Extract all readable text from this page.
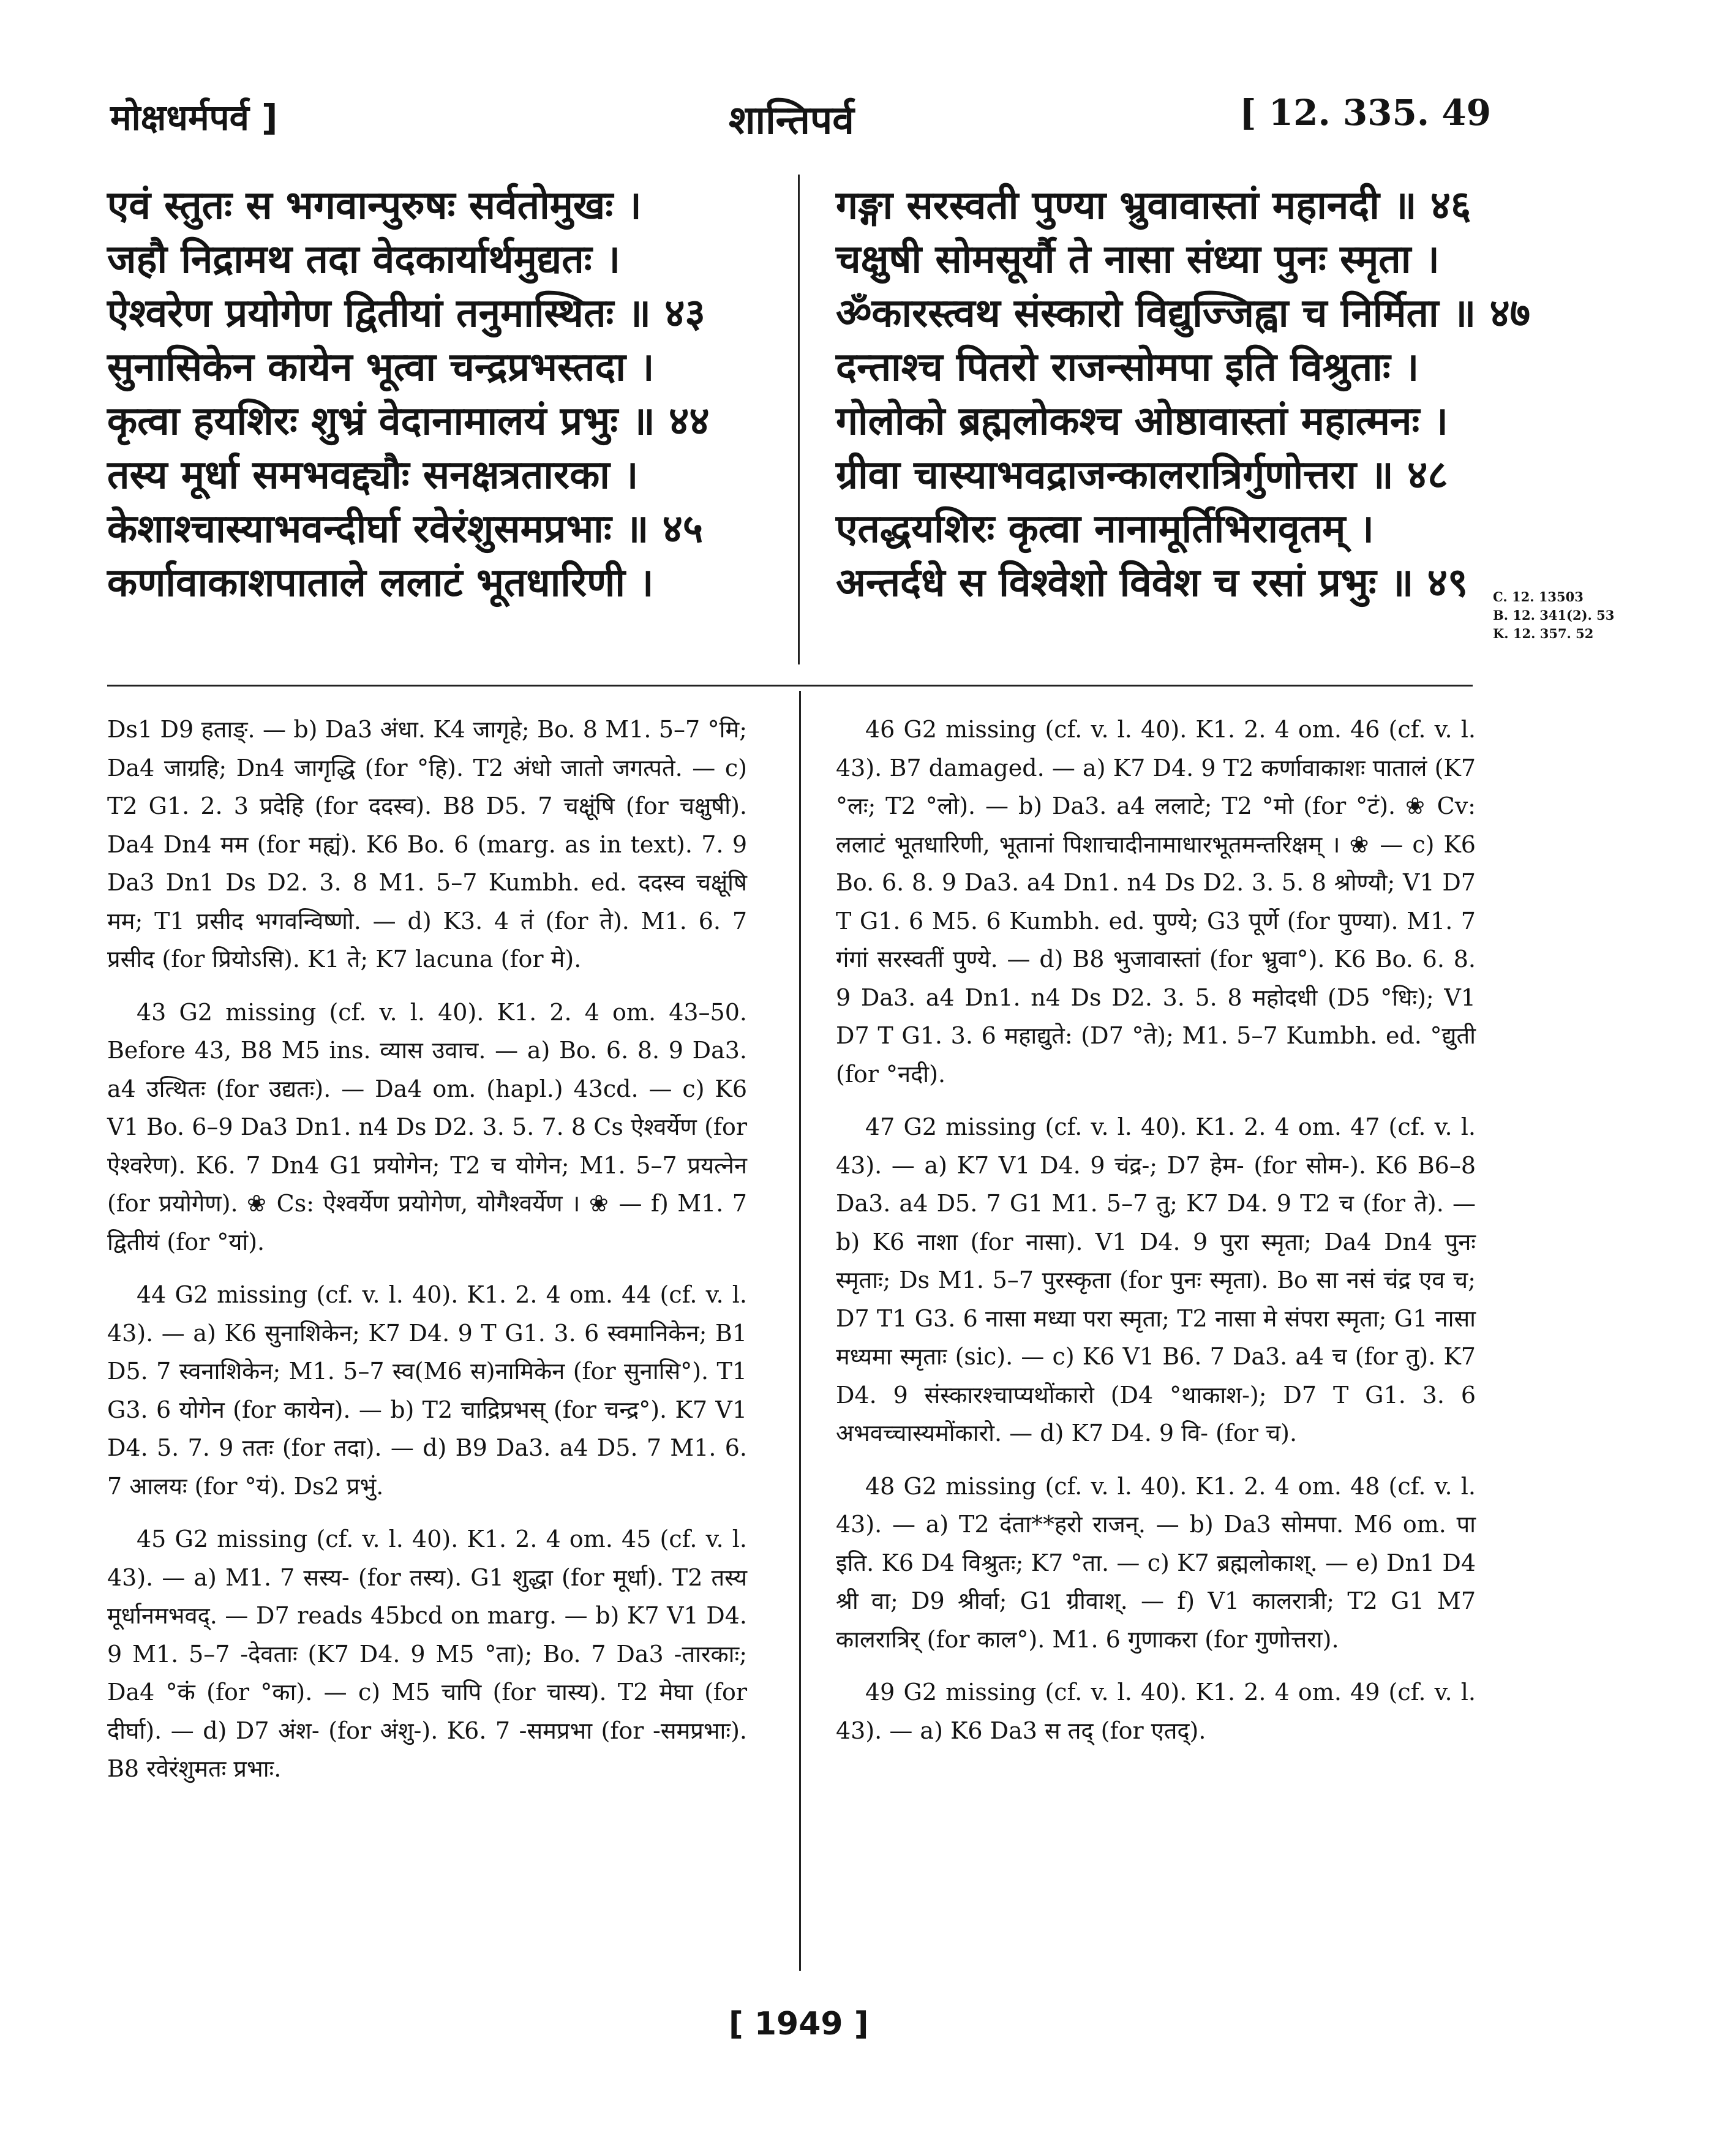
मोक्षधर्मपर्व ]	शान्तिपर्व	[ 12. 335. 49
एवं स्तुतः स भगवान्पुरुषः सर्वतोमुखः ।
जहौ निद्रामथ तदा वेदकार्यार्थमुद्यतः ।
ऐश्वरेण प्रयोगेण द्वितीयां तनुमास्थितः ॥ ४३
सुनासिकेन कायेन भूत्वा चन्द्रप्रभस्तदा ।
कृत्वा हयशिरः शुभ्रं वेदानामालयं प्रभुः ॥ ४४
तस्य मूर्धा समभवद्द्यौः सनक्षत्रतारका ।
केशाश्चास्याभवन्दीर्घा रवेरंशुसमप्रभाः ॥ ४५
कर्णावाकाशपाताले ललाटं भूतधारिणी ।
गङ्गा सरस्वती पुण्या भ्रुवावास्तां महानदी ॥ ४६
चक्षुषी सोमसूर्यौ ते नासा संध्या पुनः स्मृता ।
ॐकारस्त्वथ संस्कारो विद्युज्जिह्वा च निर्मिता ॥ ४७
दन्ताश्च पितरो राजन्सोमपा इति विश्रुताः ।
गोलोको ब्रह्मलोकश्च ओष्ठावास्तां महात्मनः ।
ग्रीवा चास्याभवद्राजन्कालरात्रिर्गुणोत्तरा ॥ ४८
एतद्धयशिरः कृत्वा नानामूर्तिभिरावृतम् ।
अन्तर्दधे स विश्वेशो विवेश च रसां प्रभुः ॥ ४९	C. 12. 13503
B. 12. 341(2). 53
K. 12. 357. 52

Ds1 D9 हताङ्. — b) Da3 अंधा. K4 जागृहे; Bo. 8 M1. 5–7 °मि; Da4 जाग्रहि; Dn4 जागृद्धि (for °हि). T2 अंधो जातो जगत्पते. — c) T2 G1. 2. 3 प्रदेहि (for ददस्व). B8 D5. 7 चक्षूंषि (for चक्षुषी). Da4 Dn4 मम (for मह्यं). K6 Bo. 6 (marg. as in text). 7. 9 Da3 Dn1 Ds D2. 3. 8 M1. 5–7 Kumbh. ed. ददस्व चक्षूंषि मम; T1 प्रसीद भगवन्विष्णो. — d) K3. 4 तं (for ते). M1. 6. 7 प्रसीद (for प्रियोऽसि). K1 ते; K7 lacuna (for मे).

43 G2 missing (cf. v. l. 40). K1. 2. 4 om. 43–50. Before 43, B8 M5 ins. व्यास उवाच. — a) Bo. 6. 8. 9 Da3. a4 उत्थितः (for उद्यतः). — Da4 om. (hapl.) 43cd. — c) K6 V1 Bo. 6–9 Da3 Dn1. n4 Ds D2. 3. 5. 7. 8 Cs ऐश्वर्येण (for ऐश्वरेण). K6. 7 Dn4 G1 प्रयोगेन; T2 च योगेन; M1. 5–7 प्रयत्नेन (for प्रयोगेण). ❀ Cs: ऐश्वर्येण प्रयोगेण, योगैश्वर्येण । ❀ — f) M1. 7 द्वितीयं (for °यां).

44 G2 missing (cf. v. l. 40). K1. 2. 4 om. 44 (cf. v. l. 43). — a) K6 सुनाशिकेन; K7 D4. 9 T G1. 3. 6 स्वमानिकेन; B1 D5. 7 स्वनाशिकेन; M1. 5–7 स्व(M6 स)नामिकेन (for सुनासि°). T1 G3. 6 योगेन (for कायेन). — b) T2 चाद्रिप्रभस् (for चन्द्र°). K7 V1 D4. 5. 7. 9 ततः (for तदा). — d) B9 Da3. a4 D5. 7 M1. 6. 7 आलयः (for °यं). Ds2 प्रभुं.

45 G2 missing (cf. v. l. 40). K1. 2. 4 om. 45 (cf. v. l. 43). — a) M1. 7 सस्य- (for तस्य). G1 शुद्धा (for मूर्धा). T2 तस्य मूर्धानमभवद्. — D7 reads 45bcd on marg. — b) K7 V1 D4. 9 M1. 5–7 -देवताः (K7 D4. 9 M5 °ता); Bo. 7 Da3 -तारकाः; Da4 °कं (for °का). — c) M5 चापि (for चास्य). T2 मेघा (for दीर्घा). — d) D7 अंश- (for अंशु-). K6. 7 -समप्रभा (for -समप्रभाः). B8 रवेरंशुमतः प्रभाः.

46 G2 missing (cf. v. l. 40). K1. 2. 4 om. 46 (cf. v. l. 43). B7 damaged. — a) K7 D4. 9 T2 कर्णावाकाशः पातालं (K7 °लः; T2 °लो). — b) Da3. a4 ललाटे; T2 °मो (for °टं). ❀ Cv: ललाटं भूतधारिणी, भूतानां पिशाचादीनामाधारभूतमन्तरिक्षम् । ❀ — c) K6 Bo. 6. 8. 9 Da3. a4 Dn1. n4 Ds D2. 3. 5. 8 श्रोण्यौ; V1 D7 T G1. 6 M5. 6 Kumbh. ed. पुण्ये; G3 पूर्णे (for पुण्या). M1. 7 गंगां सरस्वतीं पुण्ये. — d) B8 भुजावास्तां (for भ्रुवा°). K6 Bo. 6. 8. 9 Da3. a4 Dn1. n4 Ds D2. 3. 5. 8 महोदधी (D5 °धिः); V1 D7 T G1. 3. 6 महाद्युते: (D7 °ते); M1. 5–7 Kumbh. ed. °द्युती (for °नदी).

47 G2 missing (cf. v. l. 40). K1. 2. 4 om. 47 (cf. v. l. 43). — a) K7 V1 D4. 9 चंद्र-; D7 हेम- (for सोम-). K6 B6–8 Da3. a4 D5. 7 G1 M1. 5–7 तु; K7 D4. 9 T2 च (for ते). — b) K6 नाशा (for नासा). V1 D4. 9 पुरा स्मृता; Da4 Dn4 पुनः स्मृताः; Ds M1. 5–7 पुरस्कृता (for पुनः स्मृता). Bo सा नसं चंद्र एव च; D7 T1 G3. 6 नासा मध्या परा स्मृता; T2 नासा मे संपरा स्मृता; G1 नासा मध्यमा स्मृताः (sic). — c) K6 V1 B6. 7 Da3. a4 च (for तु). K7 D4. 9 संस्कारश्चाप्यथोंकारो (D4 °थाकाश-); D7 T G1. 3. 6 अभवच्चास्यमोंकारो. — d) K7 D4. 9 वि- (for च).

48 G2 missing (cf. v. l. 40). K1. 2. 4 om. 48 (cf. v. l. 43). — a) T2 दंता**हरो राजन्. — b) Da3 सोमपा. M6 om. पा इति. K6 D4 विश्रुतः; K7 °ता. — c) K7 ब्रह्मलोकाश्. — e) Dn1 D4 श्री वा; D9 श्रीर्वा; G1 ग्रीवाश्. — f) V1 कालरात्री; T2 G1 M7 कालरात्रिर् (for काल°). M1. 6 गुणाकरा (for गुणोत्तरा).

49 G2 missing (cf. v. l. 40). K1. 2. 4 om. 49 (cf. v. l. 43). — a) K6 Da3 स तद् (for एतद्).

[ 1949 ]
